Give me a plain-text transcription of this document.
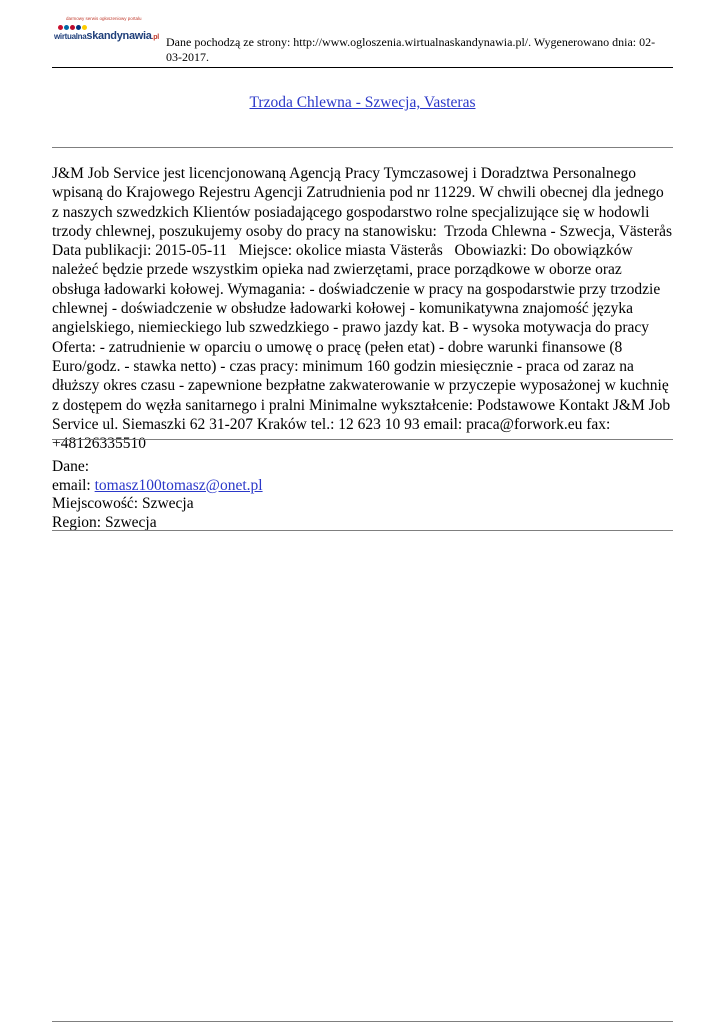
darmowy serwis ogłoszeniowy portalu
wirtualnaskandynawia.pl Dane pochodzą ze strony: http://www.ogloszenia.wirtualnaskandynawia.pl/. Wygenerowano dnia: 02-03-2017.
Trzoda Chlewna - Szwecja, Vasteras
J&M Job Service jest licencjonowaną Agencją Pracy Tymczasowej i Doradztwa Personalnego wpisaną do Krajowego Rejestru Agencji Zatrudnienia pod nr 11229. W chwili obecnej dla jednego z naszych szwedzkich Klientów posiadającego gospodarstwo rolne specjalizujące się w hodowli trzody chlewnej, poszukujemy osoby do pracy na stanowisku:  Trzoda Chlewna - Szwecja, Västerås   Data publikacji: 2015-05-11   Miejsce: okolice miasta Västerås   Obowiazki: Do obowiązków należeć będzie przede wszystkim opieka nad zwierzętami, prace porządkowe w oborze oraz obsługa ładowarki kołowej. Wymagania: - doświadczenie w pracy na gospodarstwie przy trzodzie chlewnej - doświadczenie w obsłudze ładowarki kołowej - komunikatywna znajomość języka angielskiego, niemieckiego lub szwedzkiego - prawo jazdy kat. B - wysoka motywacja do pracy Oferta: - zatrudnienie w oparciu o umowę o pracę (pełen etat) - dobre warunki finansowe (8 Euro/godz. - stawka netto) - czas pracy: minimum 160 godzin miesięcznie - praca od zaraz na dłuższy okres czasu - zapewnione bezpłatne zakwaterowanie w przyczepie wyposażonej w kuchnię z dostępem do węzła sanitarnego i pralni Minimalne wykształcenie: Podstawowe Kontakt J&M Job Service ul. Siemaszki 62 31-207 Kraków tel.: 12 623 10 93 email: praca@forwork.eu fax: +48126335510
Dane:
email: tomasz100tomasz@onet.pl
Miejscowość: Szwecja
Region: Szwecja
